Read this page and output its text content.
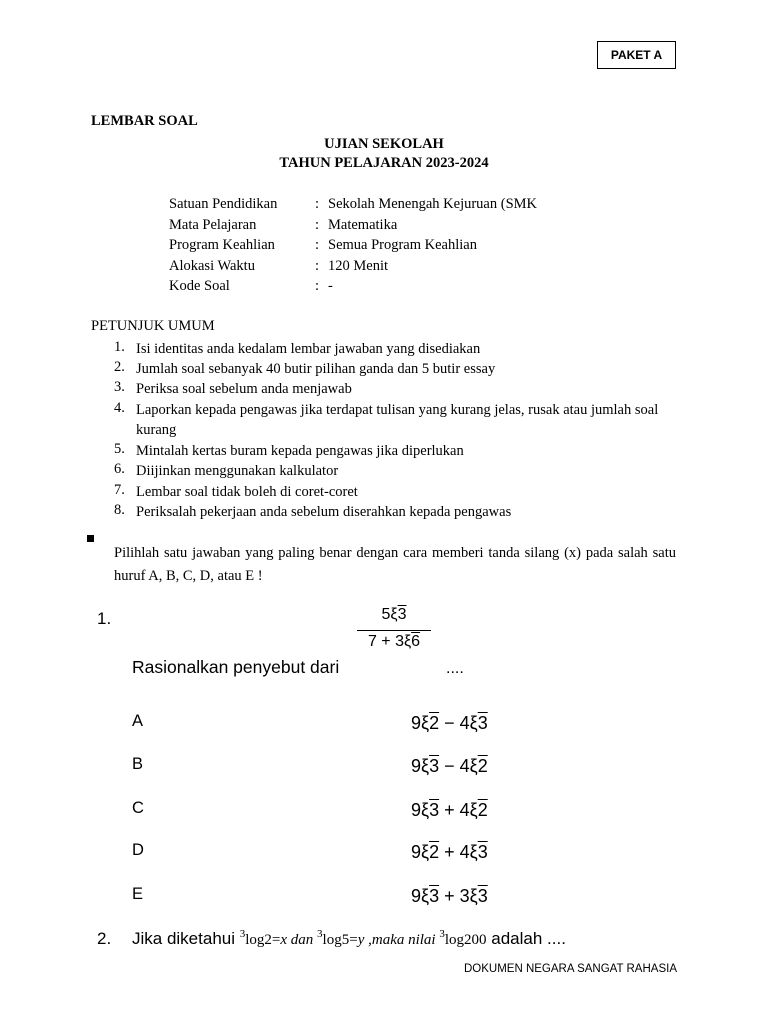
PAKET A
LEMBAR SOAL
UJIAN SEKOLAH
TAHUN PELAJARAN 2023-2024
Satuan Pendidikan	: Sekolah Menengah Kejuruan (SMK
Mata Pelajaran	: Matematika
Program Keahlian	: Semua Program Keahlian
Alokasi Waktu	: 120 Menit
Kode Soal	: -
PETUNJUK UMUM
1. Isi identitas anda kedalam lembar jawaban yang disediakan
2. Jumlah soal sebanyak 40 butir pilihan ganda dan 5 butir essay
3. Periksa soal sebelum anda menjawab
4. Laporkan kepada pengawas jika terdapat tulisan yang kurang jelas, rusak atau jumlah soal kurang
5. Mintalah kertas buram kepada pengawas jika diperlukan
6. Diijinkan menggunakan kalkulator
7. Lembar soal tidak boleh di coret-coret
8. Periksalah pekerjaan anda sebelum diserahkan kepada pengawas
Pilihlah satu jawaban yang paling benar dengan cara memberi tanda silang (x) pada salah satu huruf A, B, C, D, atau E !
1.	5ξ3
7 + 3ξ6
Rasionalkan penyebut dari	....
A	9ξ2 − 4ξ3
B	9ξ3 − 4ξ2
C	9ξ3 + 4ξ2
D	9ξ2 + 4ξ3
E	9ξ3 + 3ξ3
2. Jika diketahui $^3$log2=x dan $^3$log5=y ,maka nilai $^3$log200 adalah ....
DOKUMEN NEGARA SANGAT RAHASIA
